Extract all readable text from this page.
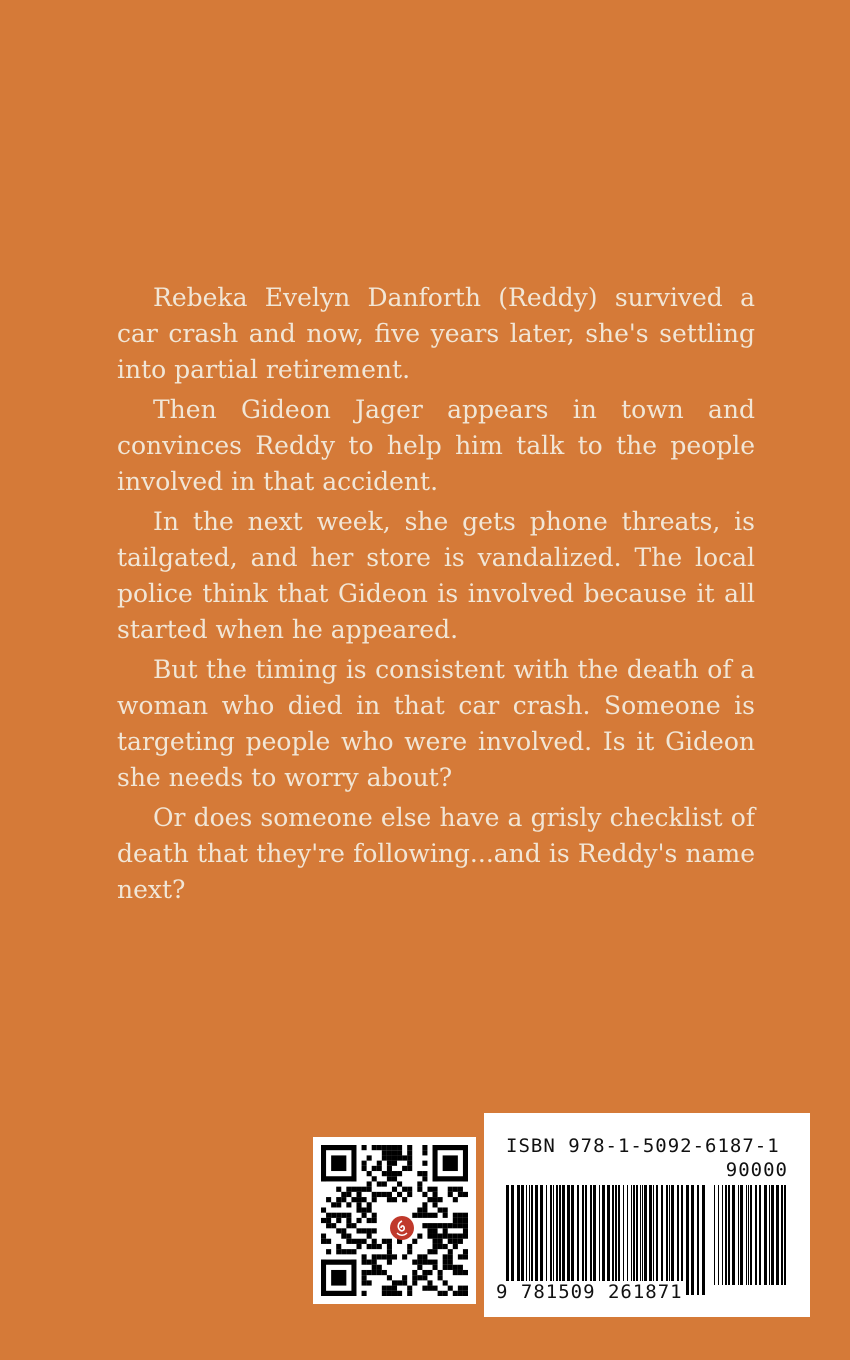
Rebeka Evelyn Danforth (Reddy) survived a car crash and now, five years later, she's settling into partial retirement.

Then Gideon Jager appears in town and convinces Reddy to help him talk to the people involved in that accident.

In the next week, she gets phone threats, is tailgated, and her store is vandalized. The local police think that Gideon is involved because it all started when he appeared.

But the timing is consistent with the death of a woman who died in that car crash. Someone is targeting people who were involved. Is it Gideon she needs to worry about?

Or does someone else have a grisly checklist of death that they're following...and is Reddy's name next?

ISBN 978-1-5092-6187-1
90000
9 781509 261871
